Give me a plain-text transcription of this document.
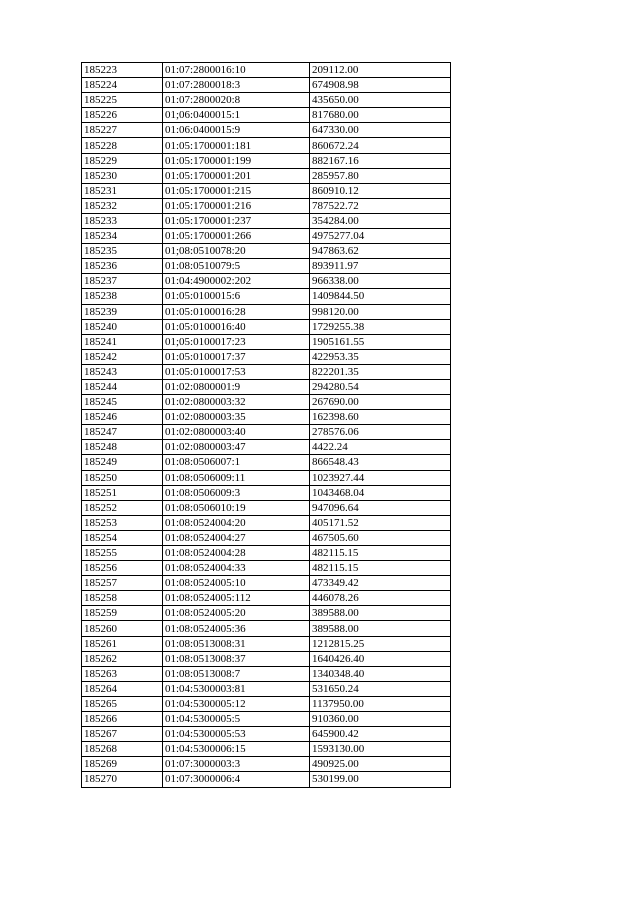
185223	01:07:2800016:10	209112.00
185224	01:07:2800018:3	674908.98
185225	01:07:2800020:8	435650.00
185226	01;06:0400015:1	817680.00
185227	01:06:0400015:9	647330.00
185228	01:05:1700001:181	860672.24
185229	01:05:1700001:199	882167.16
185230	01:05:1700001:201	285957.80
185231	01:05:1700001:215	860910.12
185232	01:05:1700001:216	787522.72
185233	01:05:1700001:237	354284.00
185234	01:05:1700001:266	4975277.04
185235	01;08:0510078:20	947863.62
185236	01:08:0510079:5	893911.97
185237	01:04:4900002:202	966338.00
185238	01:05:0100015:6	1409844.50
185239	01:05:0100016:28	998120.00
185240	01:05:0100016:40	1729255.38
185241	01;05:0100017:23	1905161.55
185242	01:05:0100017:37	422953.35
185243	01:05:0100017:53	822201.35
185244	01:02:0800001:9	294280.54
185245	01:02:0800003:32	267690.00
185246	01:02:0800003:35	162398.60
185247	01:02:0800003:40	278576.06
185248	01:02:0800003:47	4422.24
185249	01:08:0506007:1	866548.43
185250	01:08:0506009:11	1023927.44
185251	01:08:0506009:3	1043468.04
185252	01:08:0506010:19	947096.64
185253	01:08:0524004:20	405171.52
185254	01:08:0524004:27	467505.60
185255	01:08:0524004:28	482115.15
185256	01:08:0524004:33	482115.15
185257	01:08:0524005:10	473349.42
185258	01:08:0524005:112	446078.26
185259	01:08:0524005:20	389588.00
185260	01:08:0524005:36	389588.00
185261	01:08:0513008:31	1212815.25
185262	01:08:0513008:37	1640426.40
185263	01:08:0513008:7	1340348.40
185264	01:04:5300003:81	531650.24
185265	01:04:5300005:12	1137950.00
185266	01:04:5300005:5	910360.00
185267	01:04:5300005:53	645900.42
185268	01:04:5300006:15	1593130.00
185269	01:07:3000003:3	490925.00
185270	01:07:3000006:4	530199.00
